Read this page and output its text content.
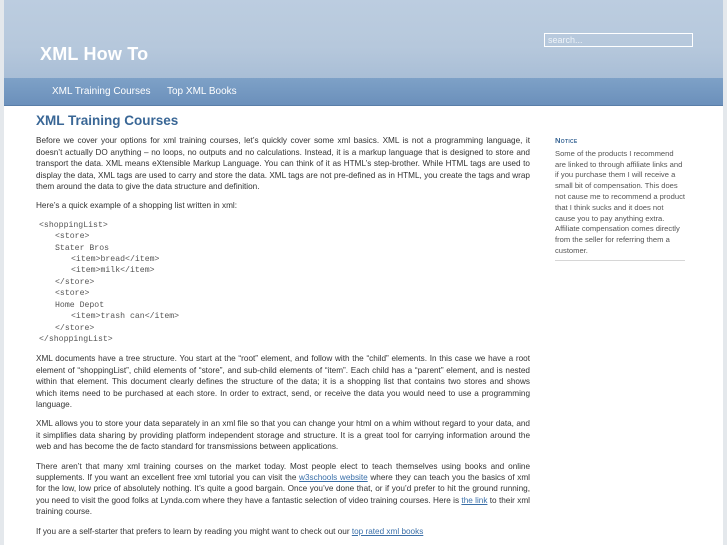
XML How To
search...
XML Training Courses Top XML Books
XML Training Courses

Before we cover your options for xml training courses, let’s quickly cover some xml basics. XML is not a programming language, it doesn’t actually DO anything – no loops, no outputs and no calculations. Instead, it is a markup language that is designed to store and transport the data. XML means eXtensible Markup Language. You can think of it as HTML’s step-brother. While HTML tags are used to display the data, XML tags are used to carry and store the data. XML tags are not pre-defined as in HTML, you create the tags and wrap them around the data to give the data structure and definition.

Here’s a quick example of a shopping list written in xml:

<shoppingList>
<store>
Stater Bros
<item>bread</item>
<item>milk</item>
</store>
<store>
Home Depot
<item>trash can</item>
</store>
</shoppingList>

XML documents have a tree structure. You start at the “root” element, and follow with the “child” elements. In this case we have a root element of “shoppingList”, child elements of “store”, and sub-child elements of “item”. Each child has a “parent” element, and is nested within that element. This document clearly defines the structure of the data; it is a shopping list that contains two stores and shows which items need to be purchased at each store. In order to extract, send, or receive the data you would need to use a programming language.

XML allows you to store your data separately in an xml file so that you can change your html on a whim without regard to your data, and it simplifies data sharing by providing platform independent storage and structure. It is a great tool for carrying information around the web and has become the de facto standard for transmissions between applications.

There aren’t that many xml training courses on the market today. Most people elect to teach themselves using books and online supplements. If you want an excellent free xml tutorial you can visit the w3schools website where they can teach you the basics of xml for the low, low price of absolutely nothing. It’s quite a good bargain. Once you’ve done that, or if you’d prefer to hit the ground running, you need to visit the good folks at Lynda.com where they have a fantastic selection of video training courses. Here is the link to their xml training course.

If you are a self-starter that prefers to learn by reading you might want to check out our top rated xml books

Notice

Some of the products I recommend are linked to through affiliate links and if you purchase them I will receive a small bit of compensation. This does not cause me to recommend a product that I think sucks and it does not cause you to pay anything extra. Affiliate compensation comes directly from the seller for referring them a customer.
